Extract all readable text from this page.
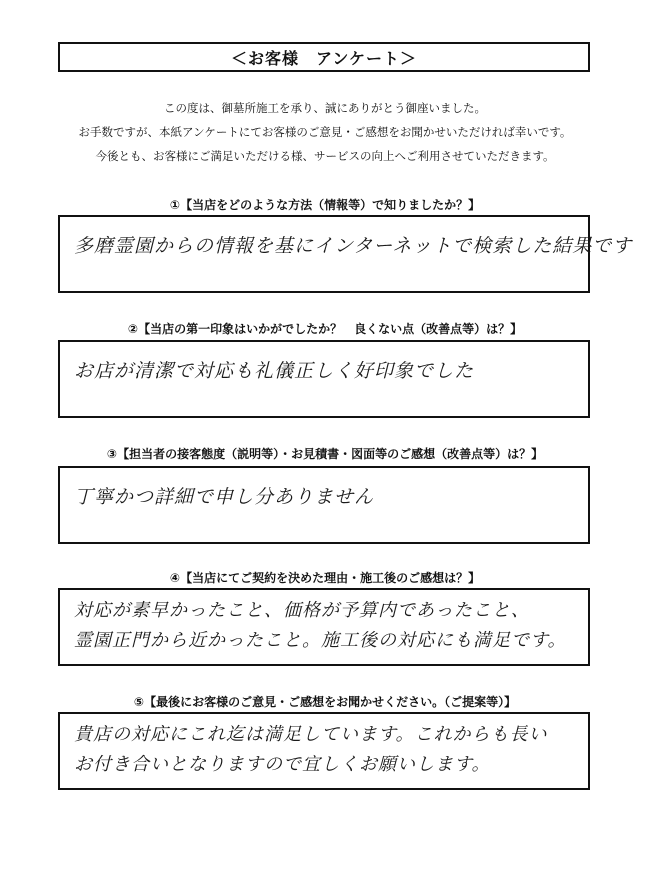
＜お客様　アンケート＞

この度は、御墓所施工を承り、誠にありがとう御座いました。

お手数ですが、本紙アンケートにてお客様のご意見・ご感想をお聞かせいただければ幸いです。

今後とも、お客様にご満足いただける様、サービスの向上へご利用させていただきます。

①【当店をどのような方法（情報等）で知りましたか？】
多磨霊園からの情報を基にインターネットで検索した結果です
②【当店の第一印象はいかがでしたか？　良くない点（改善点等）は？】
お店が清潔で対応も礼儀正しく好印象でした
③【担当者の接客態度（説明等）・お見積書・図面等のご感想（改善点等）は？】
丁寧かつ詳細で申し分ありません
④【当店にてご契約を決めた理由・施工後のご感想は？】
対応が素早かったこと、価格が予算内であったこと、
霊園正門から近かったこと。施工後の対応にも満足です。
⑤【最後にお客様のご意見・ご感想をお聞かせください。（ご提案等）】
貴店の対応にこれ迄は満足しています。これからも長い
お付き合いとなりますので宜しくお願いします。
